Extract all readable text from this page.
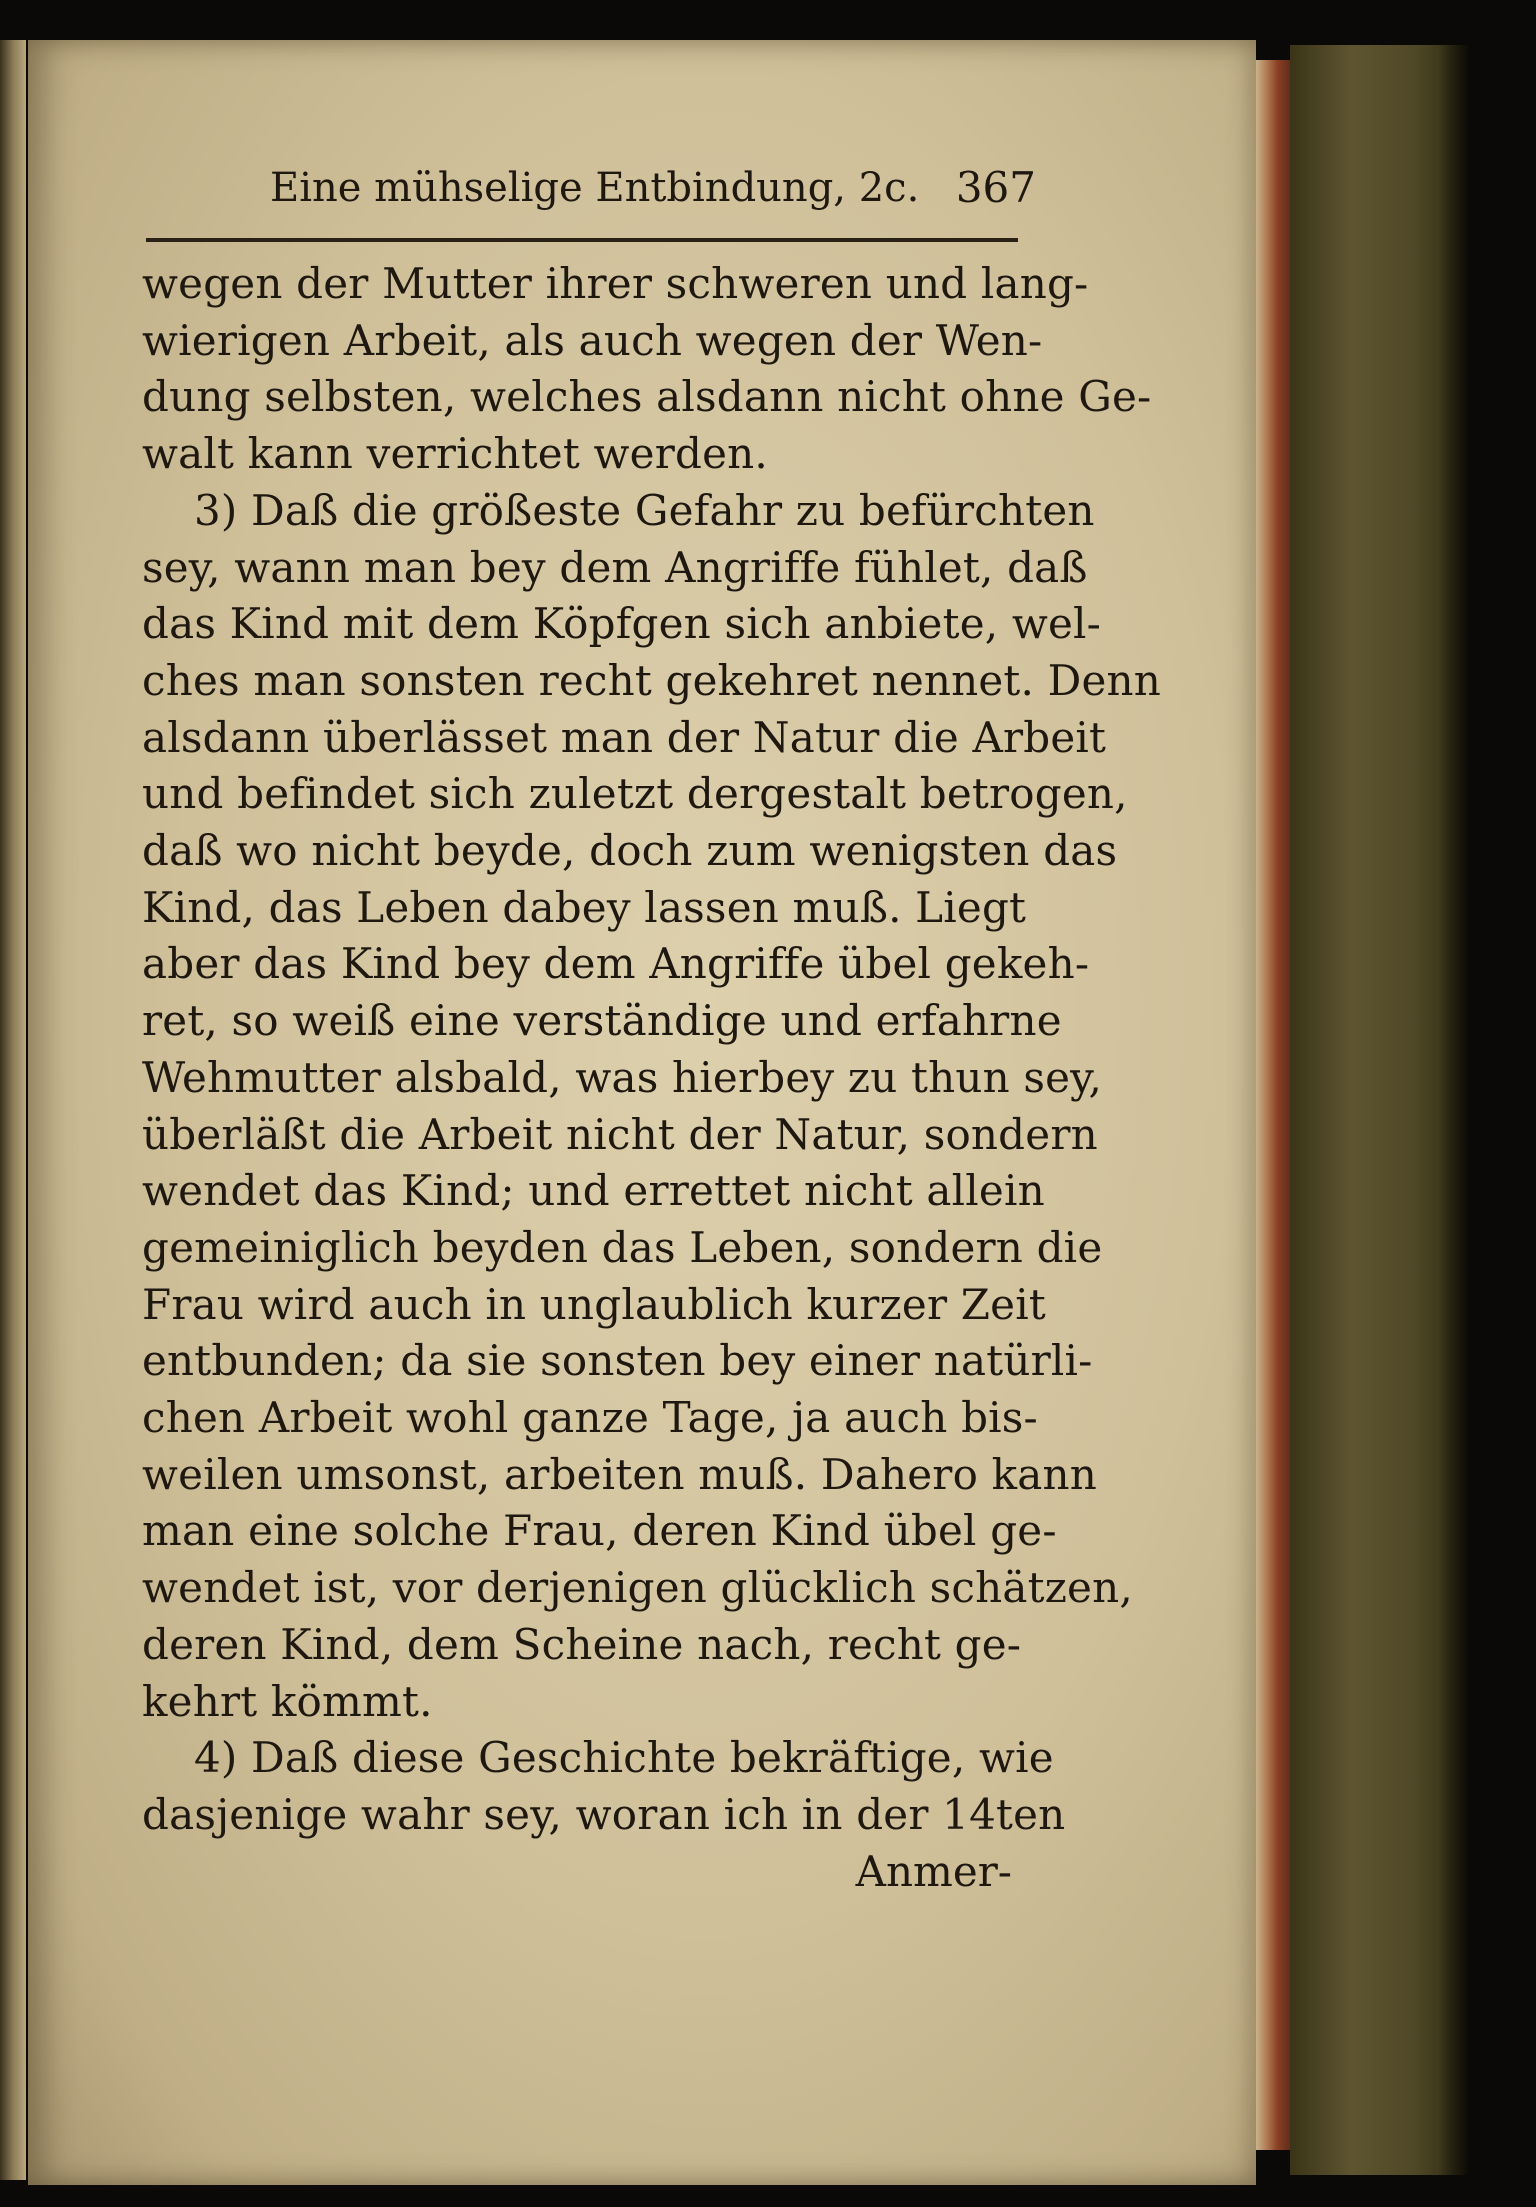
Eine mühselige Entbindung, 2c. 367
wegen der Mutter ihrer schweren und lang-
wierigen Arbeit, als auch wegen der Wen-
dung selbsten, welches alsdann nicht ohne Ge-
walt kann verrichtet werden.
3) Daß die größeste Gefahr zu befürchten
sey, wann man bey dem Angriffe fühlet, daß
das Kind mit dem Köpfgen sich anbiete, wel-
ches man sonsten recht gekehret nennet. Denn
alsdann überlässet man der Natur die Arbeit
und befindet sich zuletzt dergestalt betrogen,
daß wo nicht beyde, doch zum wenigsten das
Kind, das Leben dabey lassen muß. Liegt
aber das Kind bey dem Angriffe übel gekeh-
ret, so weiß eine verständige und erfahrne
Wehmutter alsbald, was hierbey zu thun sey,
überläßt die Arbeit nicht der Natur, sondern
wendet das Kind; und errettet nicht allein
gemeiniglich beyden das Leben, sondern die
Frau wird auch in unglaublich kurzer Zeit
entbunden; da sie sonsten bey einer natürli-
chen Arbeit wohl ganze Tage, ja auch bis-
weilen umsonst, arbeiten muß. Dahero kann
man eine solche Frau, deren Kind übel ge-
wendet ist, vor derjenigen glücklich schätzen,
deren Kind, dem Scheine nach, recht ge-
kehrt kömmt.
4) Daß diese Geschichte bekräftige, wie
dasjenige wahr sey, woran ich in der 14ten
Anmer-
